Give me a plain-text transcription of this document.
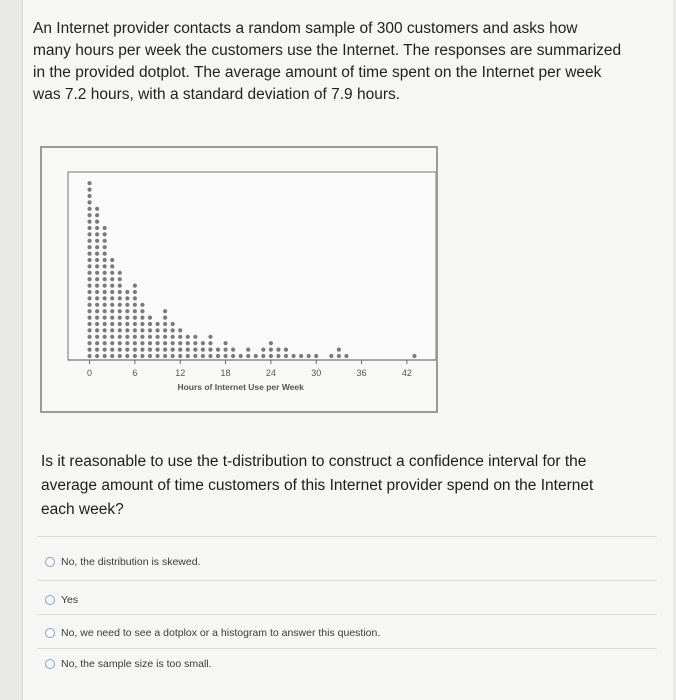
An Internet provider contacts a random sample of 300 customers and asks how
many hours per week the customers use the Internet. The responses are summarized
in the provided dotplot. The average amount of time spent on the Internet per week
was 7.2 hours, with a standard deviation of 7.9 hours.
0	6	12	18	24	30	36	42
Hours of Internet Use per Week
Is it reasonable to use the t-distribution to construct a confidence interval for the
average amount of time customers of this Internet provider spend on the Internet
each week?
No, the distribution is skewed.
Yes
No, we need to see a dotplox or a histogram to answer this question.
No, the sample size is too small.
